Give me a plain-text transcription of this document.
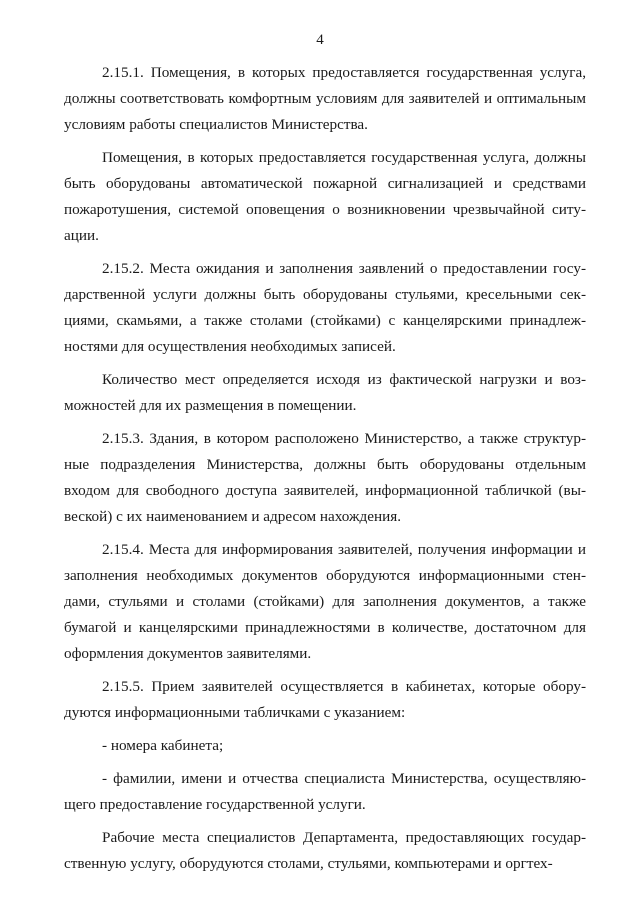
4

2.15.1. Помещения, в которых предоставляется государственная услуга, должны соответствовать комфортным условиям для заявителей и оптимальным условиям работы специалистов Министерства.

Помещения, в которых предоставляется государственная услуга, должны быть оборудованы автоматической пожарной сигнализацией и средствами пожаротушения, системой оповещения о возникновении чрезвычайной ситуации.

2.15.2. Места ожидания и заполнения заявлений о предоставлении государственной услуги должны быть оборудованы стульями, кресельными секциями, скамьями, а также столами (стойками) с канцелярскими принадлежностями для осуществления необходимых записей.

Количество мест определяется исходя из фактической нагрузки и возможностей для их размещения в помещении.

2.15.3. Здания, в котором расположено Министерство, а также структурные подразделения Министерства, должны быть оборудованы отдельным входом для свободного доступа заявителей, информационной табличкой (вывеской) с их наименованием и адресом нахождения.

2.15.4. Места для информирования заявителей, получения информации и заполнения необходимых документов оборудуются информационными стендами, стульями и столами (стойками) для заполнения документов, а также бумагой и канцелярскими принадлежностями в количестве, достаточном для оформления документов заявителями.

2.15.5. Прием заявителей осуществляется в кабинетах, которые оборудуются информационными табличками с указанием:

- номера кабинета;

- фамилии, имени и отчества специалиста Министерства, осуществляющего предоставление государственной услуги.

Рабочие места специалистов Департамента, предоставляющих государственную услугу, оборудуются столами, стульями, компьютерами и оргтех-
